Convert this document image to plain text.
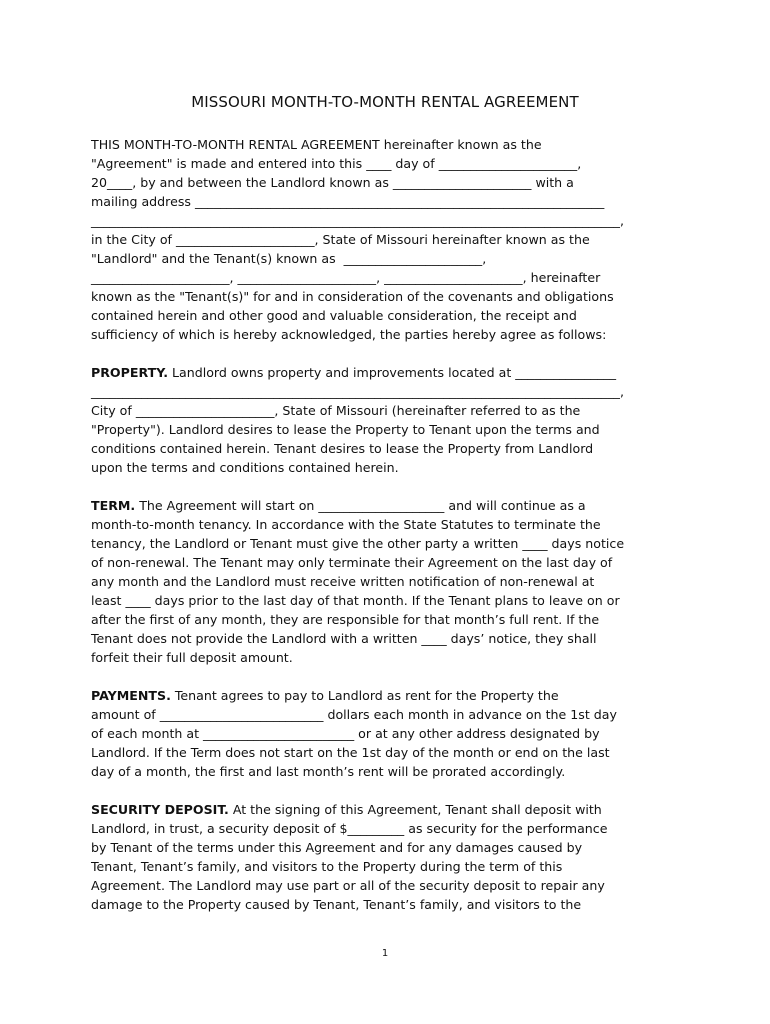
MISSOURI MONTH-TO-MONTH RENTAL AGREEMENT
THIS MONTH-TO-MONTH RENTAL AGREEMENT hereinafter known as the
"Agreement" is made and entered into this ____ day of ______________________,
20____, by and between the Landlord known as ______________________ with a
mailing address _________________________________________________________________
____________________________________________________________________________________,
in the City of ______________________, State of Missouri hereinafter known as the
"Landlord" and the Tenant(s) known as  ______________________,
______________________, ______________________, ______________________, hereinafter
known as the "Tenant(s)" for and in consideration of the covenants and obligations
contained herein and other good and valuable consideration, the receipt and
sufficiency of which is hereby acknowledged, the parties hereby agree as follows:
PROPERTY. Landlord owns property and improvements located at ________________
____________________________________________________________________________________,
City of ______________________, State of Missouri (hereinafter referred to as the
"Property"). Landlord desires to lease the Property to Tenant upon the terms and
conditions contained herein. Tenant desires to lease the Property from Landlord
upon the terms and conditions contained herein.
TERM. The Agreement will start on ____________________ and will continue as a
month-to-month tenancy. In accordance with the State Statutes to terminate the
tenancy, the Landlord or Tenant must give the other party a written ____ days notice
of non-renewal. The Tenant may only terminate their Agreement on the last day of
any month and the Landlord must receive written notification of non-renewal at
least ____ days prior to the last day of that month. If the Tenant plans to leave on or
after the first of any month, they are responsible for that month’s full rent. If the
Tenant does not provide the Landlord with a written ____ days’ notice, they shall
forfeit their full deposit amount.
PAYMENTS. Tenant agrees to pay to Landlord as rent for the Property the
amount of __________________________ dollars each month in advance on the 1st day
of each month at ________________________ or at any other address designated by
Landlord. If the Term does not start on the 1st day of the month or end on the last
day of a month, the first and last month’s rent will be prorated accordingly.
SECURITY DEPOSIT. At the signing of this Agreement, Tenant shall deposit with
Landlord, in trust, a security deposit of $_________ as security for the performance
by Tenant of the terms under this Agreement and for any damages caused by
Tenant, Tenant’s family, and visitors to the Property during the term of this
Agreement. The Landlord may use part or all of the security deposit to repair any
damage to the Property caused by Tenant, Tenant’s family, and visitors to the
1
